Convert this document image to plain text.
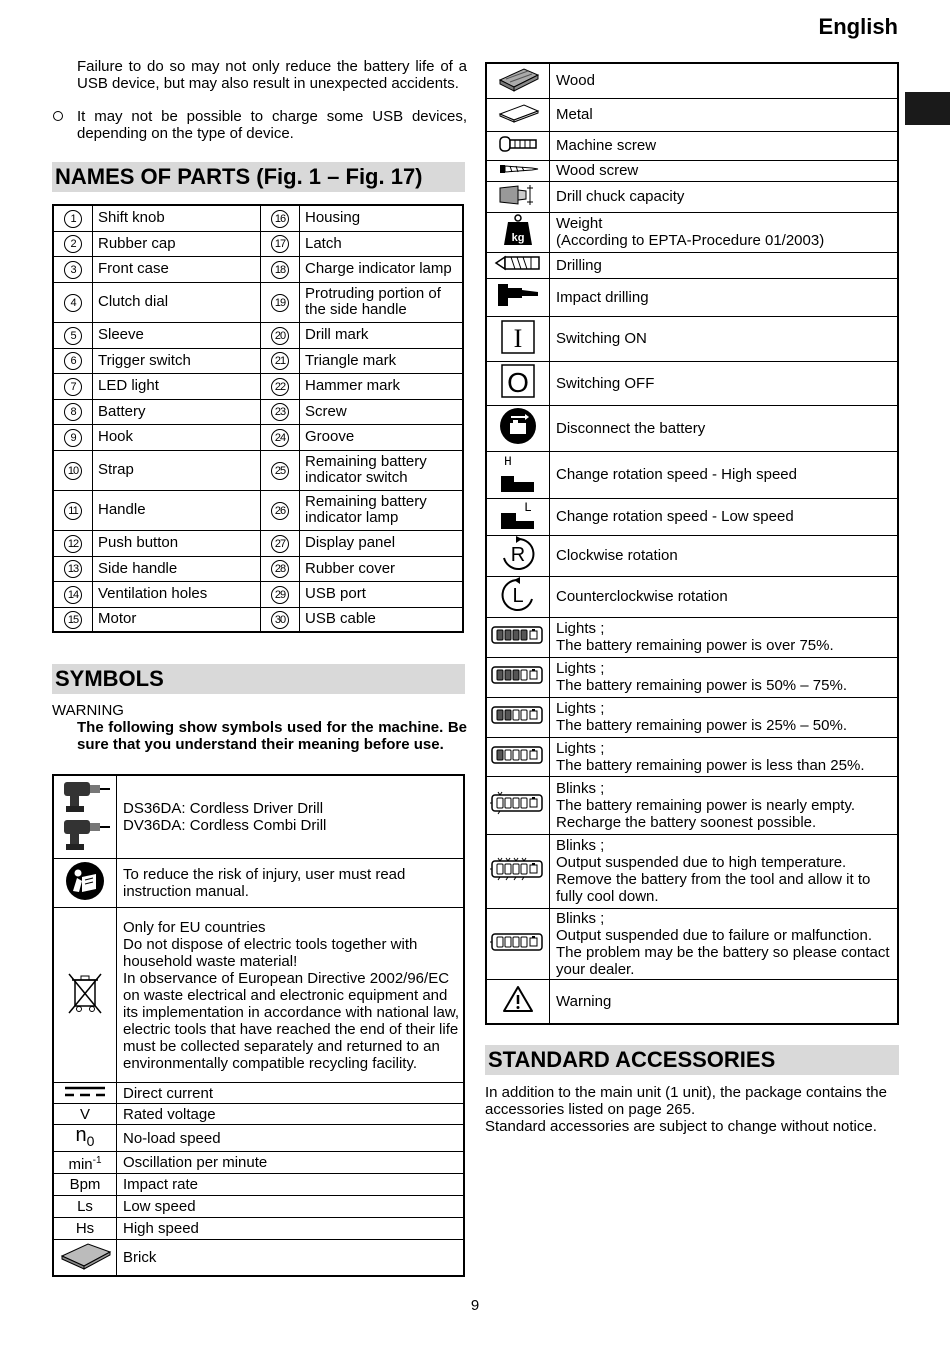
English
Failure to do so may not only reduce the battery life of a USB device, but may also result in unexpected accidents.
It may not be possible to charge some USB devices, depending on the type of device.
NAMES OF PARTS (Fig. 1 – Fig. 17)
1	Shift knob	16	Housing
2	Rubber cap	17	Latch
3	Front case	18	Charge indicator lamp
4	Clutch dial	19	Protruding portion of the side handle
5	Sleeve	20	Drill mark
6	Trigger switch	21	Triangle mark
7	LED light	22	Hammer mark
8	Battery	23	Screw
9	Hook	24	Groove
10	Strap	25	Remaining battery indicator switch
11	Handle	26	Remaining battery indicator lamp
12	Push button	27	Display panel
13	Side handle	28	Rubber cover
14	Ventilation holes	29	USB port
15	Motor	30	USB cable
SYMBOLS
WARNING
The following show symbols used for the machine. Be sure that you understand their meaning before use.
	DS36DA: Cordless Driver Drill
DV36DA: Cordless Combi Drill
	To reduce the risk of injury, user must read instruction manual.
	Only for EU countries
Do not dispose of electric tools together with household waste material!
In observance of European Directive 2002/96/EC on waste electrical and electronic equipment and its implementation in accordance with national law, electric tools that have reached the end of their life must be collected separately and returned to an environmentally compatible recycling facility.
	Direct current
V	Rated voltage
$n_0$	No-load speed
$\min^{-1}$	Oscillation per minute
Bpm	Impact rate
Ls	Low speed
Hs	High speed
	Brick
	Wood
	Metal
	Machine screw
	Wood screw
	Drill chuck capacity

kg	Weight
(According to EPTA-Procedure 01/2003)
	Drilling
	Impact drilling

I	Switching ON

O	Switching OFF
	Disconnect the battery

H	Change rotation speed - High speed

L	Change rotation speed - Low speed

R	Clockwise rotation

L	Counterclockwise rotation
	Lights ;
The battery remaining power is over 75%.
	Lights ;
The battery remaining power is 50% – 75%.
	Lights ;
The battery remaining power is 25% – 50%.
	Lights ;
The battery remaining power is less than 25%.
	Blinks ;
The battery remaining power is nearly empty. Recharge the battery soonest possible.
	Blinks ;
Output suspended due to high temperature. Remove the battery from the tool and allow it to fully cool down.
	Blinks ;
Output suspended due to failure or malfunction. The problem may be the battery so please contact your dealer.
	Warning
STANDARD ACCESSORIES
In addition to the main unit (1 unit), the package contains the accessories listed on page 265.
Standard accessories are subject to change without notice.
9
